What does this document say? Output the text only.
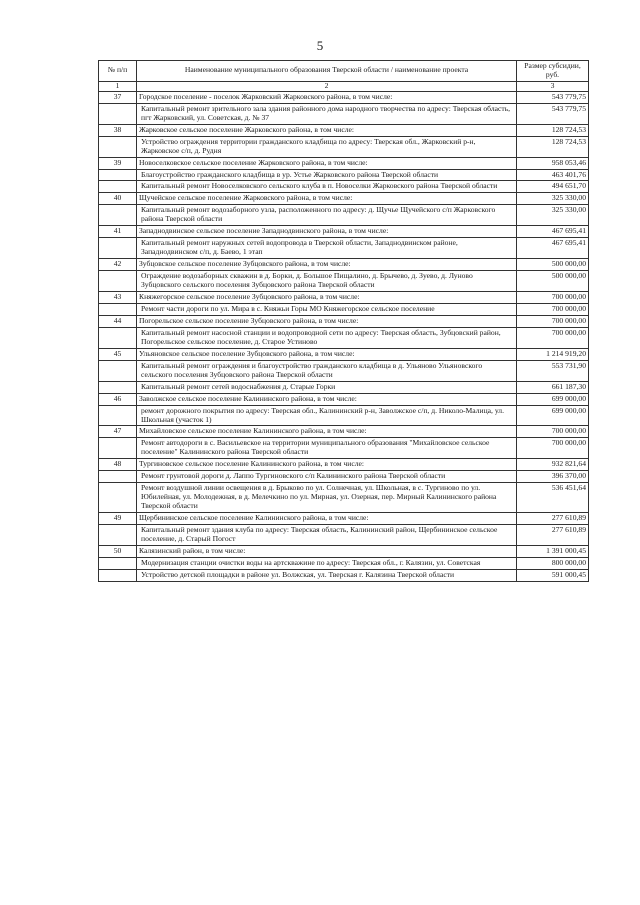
5
№ п/п	Наименование муниципального образования Тверской области / наименование проекта	Размер субсидии, руб.
1	2	3
37	Городское поселение - поселок Жарковский Жарковского района, в том числе:	543 779,75
	Капитальный ремонт зрительного зала здания районного дома народного творчества по адресу: Тверская область, пгт Жарковский, ул. Советская, д. № 37	543 779,75
38	Жарковское сельское поселение Жарковского района, в том числе:	128 724,53
	Устройство ограждения территории гражданского кладбища по адресу: Тверская обл., Жарковский р-н, Жарковское с/п, д. Рудня	128 724,53
39	Новоселковское сельское поселение Жарковского района, в том числе:	958 053,46
	Благоустройство гражданского кладбища в ур. Устье Жарковского района Тверской области	463 401,76
	Капитальный ремонт Новоселковского сельского клуба в п. Новоселки Жарковского района Тверской области	494 651,70
40	Щучейское сельское поселение Жарковского района, в том числе:	325 330,00
	Капитальный ремонт водозаборного узла, расположенного по адресу: д. Щучье Щучейского с/п Жарковского района Тверской области	325 330,00
41	Западнодвинское сельское поселение Западнодвинского района, в том числе:	467 695,41
	Капитальный ремонт наружных сетей водопровода в Тверской области, Западнодвинском районе, Западнодвинском с/п, д. Баево, 1 этап	467 695,41
42	Зубцовское сельское поселение Зубцовского района, в том числе:	500 000,00
	Ограждение водозаборных скважин в д. Борки, д. Большое Пищалино, д. Брычево, д. Зуево, д. Луново Зубцовского сельского поселения Зубцовского района Тверской области	500 000,00
43	Княжегорское сельское поселение Зубцовского района, в том числе:	700 000,00
	Ремонт части дороги по ул. Мира в с. Княжьи Горы МО Княжегорское сельское поселение	700 000,00
44	Погорельское сельское поселение Зубцовского района, в том числе:	700 000,00
	Капитальный ремонт насосной станции и водопроводной сети по адресу: Тверская область, Зубцовский район, Погорельское сельское поселение, д. Старое Устиново	700 000,00
45	Ульяновское сельское поселение Зубцовского района, в том числе:	1 214 919,20
	Капитальный ремонт ограждения и благоустройство гражданского кладбища в д. Ульяново Ульяновского сельского поселения Зубцовского района Тверской области	553 731,90
	Капитальный ремонт сетей водоснабжения д. Старые Горки	661 187,30
46	Заволжское сельское поселение Калининского района, в том числе:	699 000,00
	ремонт дорожного покрытия по адресу: Тверская обл., Калининский р-н, Заволжское с/п, д. Николо-Малица, ул. Школьная (участок 1)	699 000,00
47	Михайловское сельское поселение Калининского района, в том числе:	700 000,00
	Ремонт автодороги в с. Васильевское на территории муниципального образования "Михайловское сельское поселение" Калининского района Тверской области	700 000,00
48	Тургиновское сельское поселение Калининского района, в том числе:	932 821,64
	Ремонт грунтовой дороги д. Лаппо Тургиновского с/п Калининского района Тверской области	396 370,00
	Ремонт воздушной линии освещения в д. Брыково по ул. Солнечная, ул. Школьная, в с. Тургиново по ул. Юбилейная, ул. Молодежная, в д. Мелечкино по ул. Мирная, ул. Озерная, пер. Мирный Калининского района Тверской области	536 451,64
49	Щербининское сельское поселение Калининского района, в том числе:	277 610,89
	Капитальный ремонт здания клуба по адресу: Тверская область, Калининский район, Щербининское сельское поселение, д. Старый Погост	277 610,89
50	Калязинский район, в том числе:	1 391 000,45
	Модернизация станции очистки воды на артскважине по адресу: Тверская обл., г. Калязин, ул. Советская	800 000,00
	Устройство детской площадки в районе ул. Волжская, ул. Тверская г. Калязина Тверской области	591 000,45
